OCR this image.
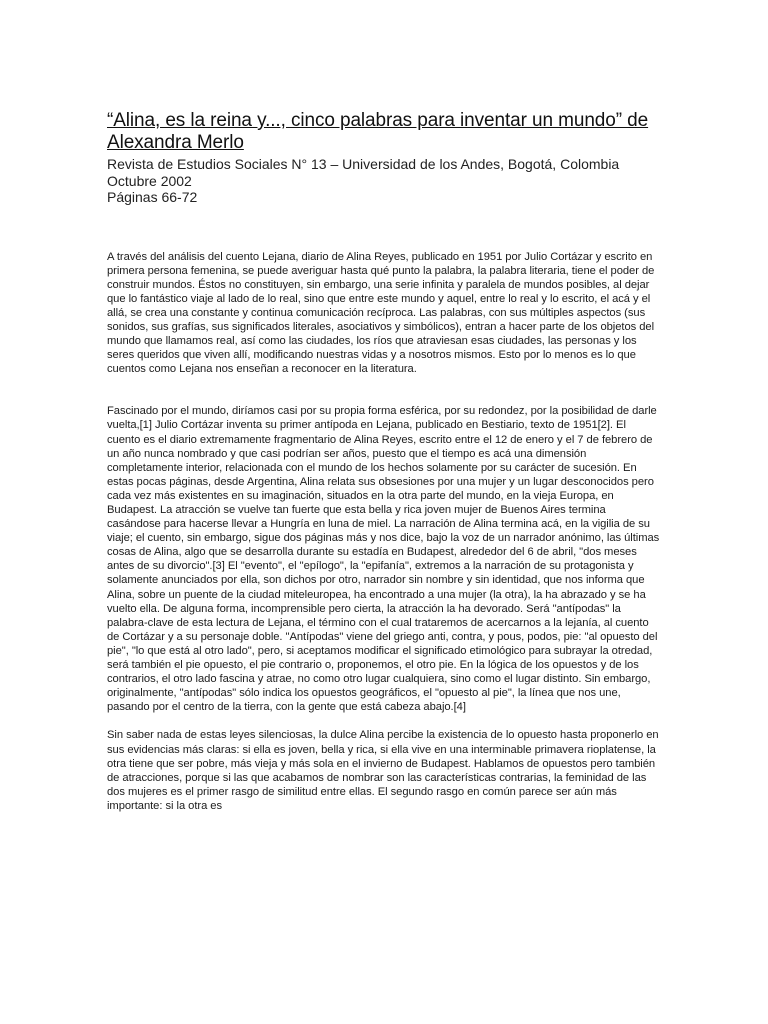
“Alina, es la reina y..., cinco palabras para inventar un mundo” de Alexandra Merlo
Revista de Estudios Sociales N° 13 – Universidad de los Andes, Bogotá, Colombia
Octubre 2002
Páginas 66-72

A través del análisis del cuento Lejana, diario de Alina Reyes, publicado en 1951 por Julio Cortázar y escrito en primera persona femenina, se puede averiguar hasta qué punto la palabra, la palabra literaria, tiene el poder de construir mundos. Éstos no constituyen, sin embargo, una serie infinita y paralela de mundos posibles, al dejar que lo fantástico viaje al lado de lo real, sino que entre este mundo y aquel, entre lo real y lo escrito, el acá y el allá, se crea una constante y continua comunicación recíproca. Las palabras, con sus múltiples aspectos (sus sonidos, sus grafías, sus significados literales, asociativos y simbólicos), entran a hacer parte de los objetos del mundo que llamamos real, así como las ciudades, los ríos que atraviesan esas ciudades, las personas y los seres queridos que viven allí, modificando nuestras vidas y a nosotros mismos. Esto por lo menos es lo que cuentos como Lejana nos enseñan a reconocer en la literatura.

Fascinado por el mundo, diríamos casi por su propia forma esférica, por su redondez, por la posibilidad de darle vuelta,[1] Julio Cortázar inventa su primer antípoda en Lejana, publicado en Bestiario, texto de 1951[2]. El cuento es el diario extremamente fragmentario de Alina Reyes, escrito entre el 12 de enero y el 7 de febrero de un año nunca nombrado y que casi podrían ser años, puesto que el tiempo es acá una dimensión completamente interior, relacionada con el mundo de los hechos solamente por su carácter de sucesión. En estas pocas páginas, desde Argentina, Alina relata sus obsesiones por una mujer y un lugar desconocidos pero cada vez más existentes en su imaginación, situados en la otra parte del mundo, en la vieja Europa, en Budapest. La atracción se vuelve tan fuerte que esta bella y rica joven mujer de Buenos Aires termina casándose para hacerse llevar a Hungría en luna de miel. La narración de Alina termina acá, en la vigilia de su viaje; el cuento, sin embargo, sigue dos páginas más y nos dice, bajo la voz de un narrador anónimo, las últimas cosas de Alina, algo que se desarrolla durante su estadía en Budapest, alrededor del 6 de abril, "dos meses antes de su divorcio".[3] El "evento", el "epílogo", la "epifanía", extremos a la narración de su protagonista y solamente anunciados por ella, son dichos por otro, narrador sin nombre y sin identidad, que nos informa que Alina, sobre un puente de la ciudad miteleuropea, ha encontrado a una mujer (la otra), la ha abrazado y se ha vuelto ella. De alguna forma, incomprensible pero cierta, la atracción la ha devorado. Será "antípodas" la palabra-clave de esta lectura de Lejana, el término con el cual trataremos de acercarnos a la lejanía, al cuento de Cortázar y a su personaje doble. "Antípodas" viene del griego anti, contra, y pous, podos, pie: "al opuesto del pie", "lo que está al otro lado", pero, si aceptamos modificar el significado etimológico para subrayar la otredad, será también el pie opuesto, el pie contrario o, proponemos, el otro pie. En la lógica de los opuestos y de los contrarios, el otro lado fascina y atrae, no como otro lugar cualquiera, sino como el lugar distinto. Sin embargo, originalmente, "antípodas" sólo indica los opuestos geográficos, el "opuesto al pie", la línea que nos une, pasando por el centro de la tierra, con la gente que está cabeza abajo.[4]

Sin saber nada de estas leyes silenciosas, la dulce Alina percibe la existencia de lo opuesto hasta proponerlo en sus evidencias más claras: si ella es joven, bella y rica, si ella vive en una interminable primavera rioplatense, la otra tiene que ser pobre, más vieja y más sola en el invierno de Budapest. Hablamos de opuestos pero también de atracciones, porque si las que acabamos de nombrar son las características contrarias, la feminidad de las dos mujeres es el primer rasgo de similitud entre ellas. El segundo rasgo en común parece ser aún más importante: si la otra es
